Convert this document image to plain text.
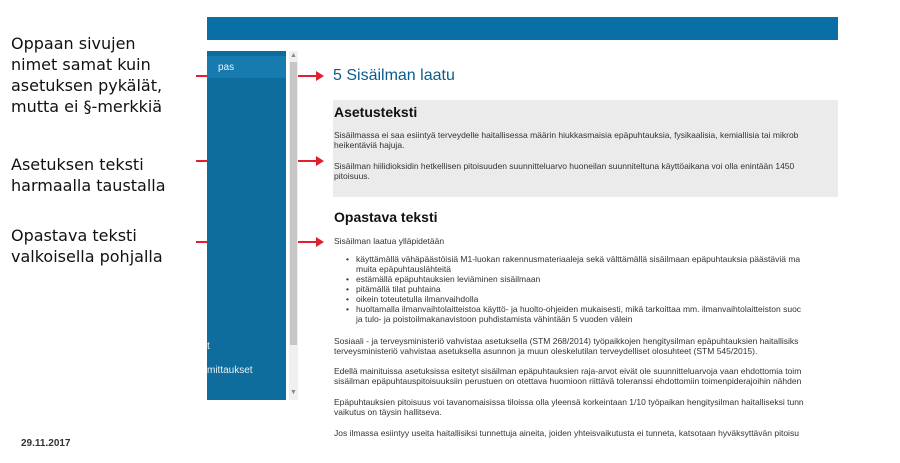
Oppaan sivujen
nimet samat kuin
asetuksen pykälät,
mutta ei §-merkkiä
Asetuksen teksti
harmaalla taustalla
Opastava teksti
valkoisella pohjalla
pas
t
mittaukset
▲
▼
5 Sisäilman laatu
Asetusteksti
Sisäilmassa ei saa esiintyä terveydelle haitallisessa määrin hiukkasmaisia epäpuhtauksia, fysikaalisia, kemiallisia tai mikrob
heikentäviä hajuja.
Sisäilman hiilidioksidin hetkellisen pitoisuuden suunnitteluarvo huoneilan suunniteltuna käyttöaikana voi olla enintään 1450
pitoisuus.
Opastava teksti
Sisäilman laatua ylläpidetään
• käyttämällä vähäpäästöisiä M1-luokan rakennusmateriaaleja sekä välttämällä sisäilmaan epäpuhtauksia päästäviä ma
muita epäpuhtauslähteitä
• estämällä epäpuhtauksien leviäminen sisäilmaan
• pitämällä tilat puhtaina
• oikein toteutetulla ilmanvaihdolla
• huoltamalla ilmanvaihtolaitteistoa käyttö- ja huolto-ohjeiden mukaisesti, mikä tarkoittaa mm. ilmanvaihtolaitteiston suoc
ja tulo- ja poistoilmakanavistoon puhdistamista vähintään 5 vuoden välein
Sosiaali - ja terveysministeriö vahvistaa asetuksella (STM 268/2014) työpaikkojen hengitysilman epäpuhtauksien haitallisiks
terveysministeriö vahvistaa asetuksella asunnon ja muun oleskelutilan terveydelliset olosuhteet (STM 545/2015).
Edellä mainituissa asetuksissa esitetyt sisäilman epäpuhtauksien raja-arvot eivät ole suunnitteluarvoja vaan ehdottomia toim
sisäilman epäpuhtauspitoisuuksiin perustuen on otettava huomioon riittävä toleranssi ehdottomiin toimenpiderajoihin nähden
Epäpuhtauksien pitoisuus voi tavanomaisissa tiloissa olla yleensä korkeintaan 1/10 työpaikan hengitysilman haitalliseksi tunn
vaikutus on täysin hallitseva.
Jos ilmassa esiintyy useita haitallisiksi tunnettuja aineita, joiden yhteisvaikutusta ei tunneta, katsotaan hyväksyttävän pitoisu
29.11.2017
